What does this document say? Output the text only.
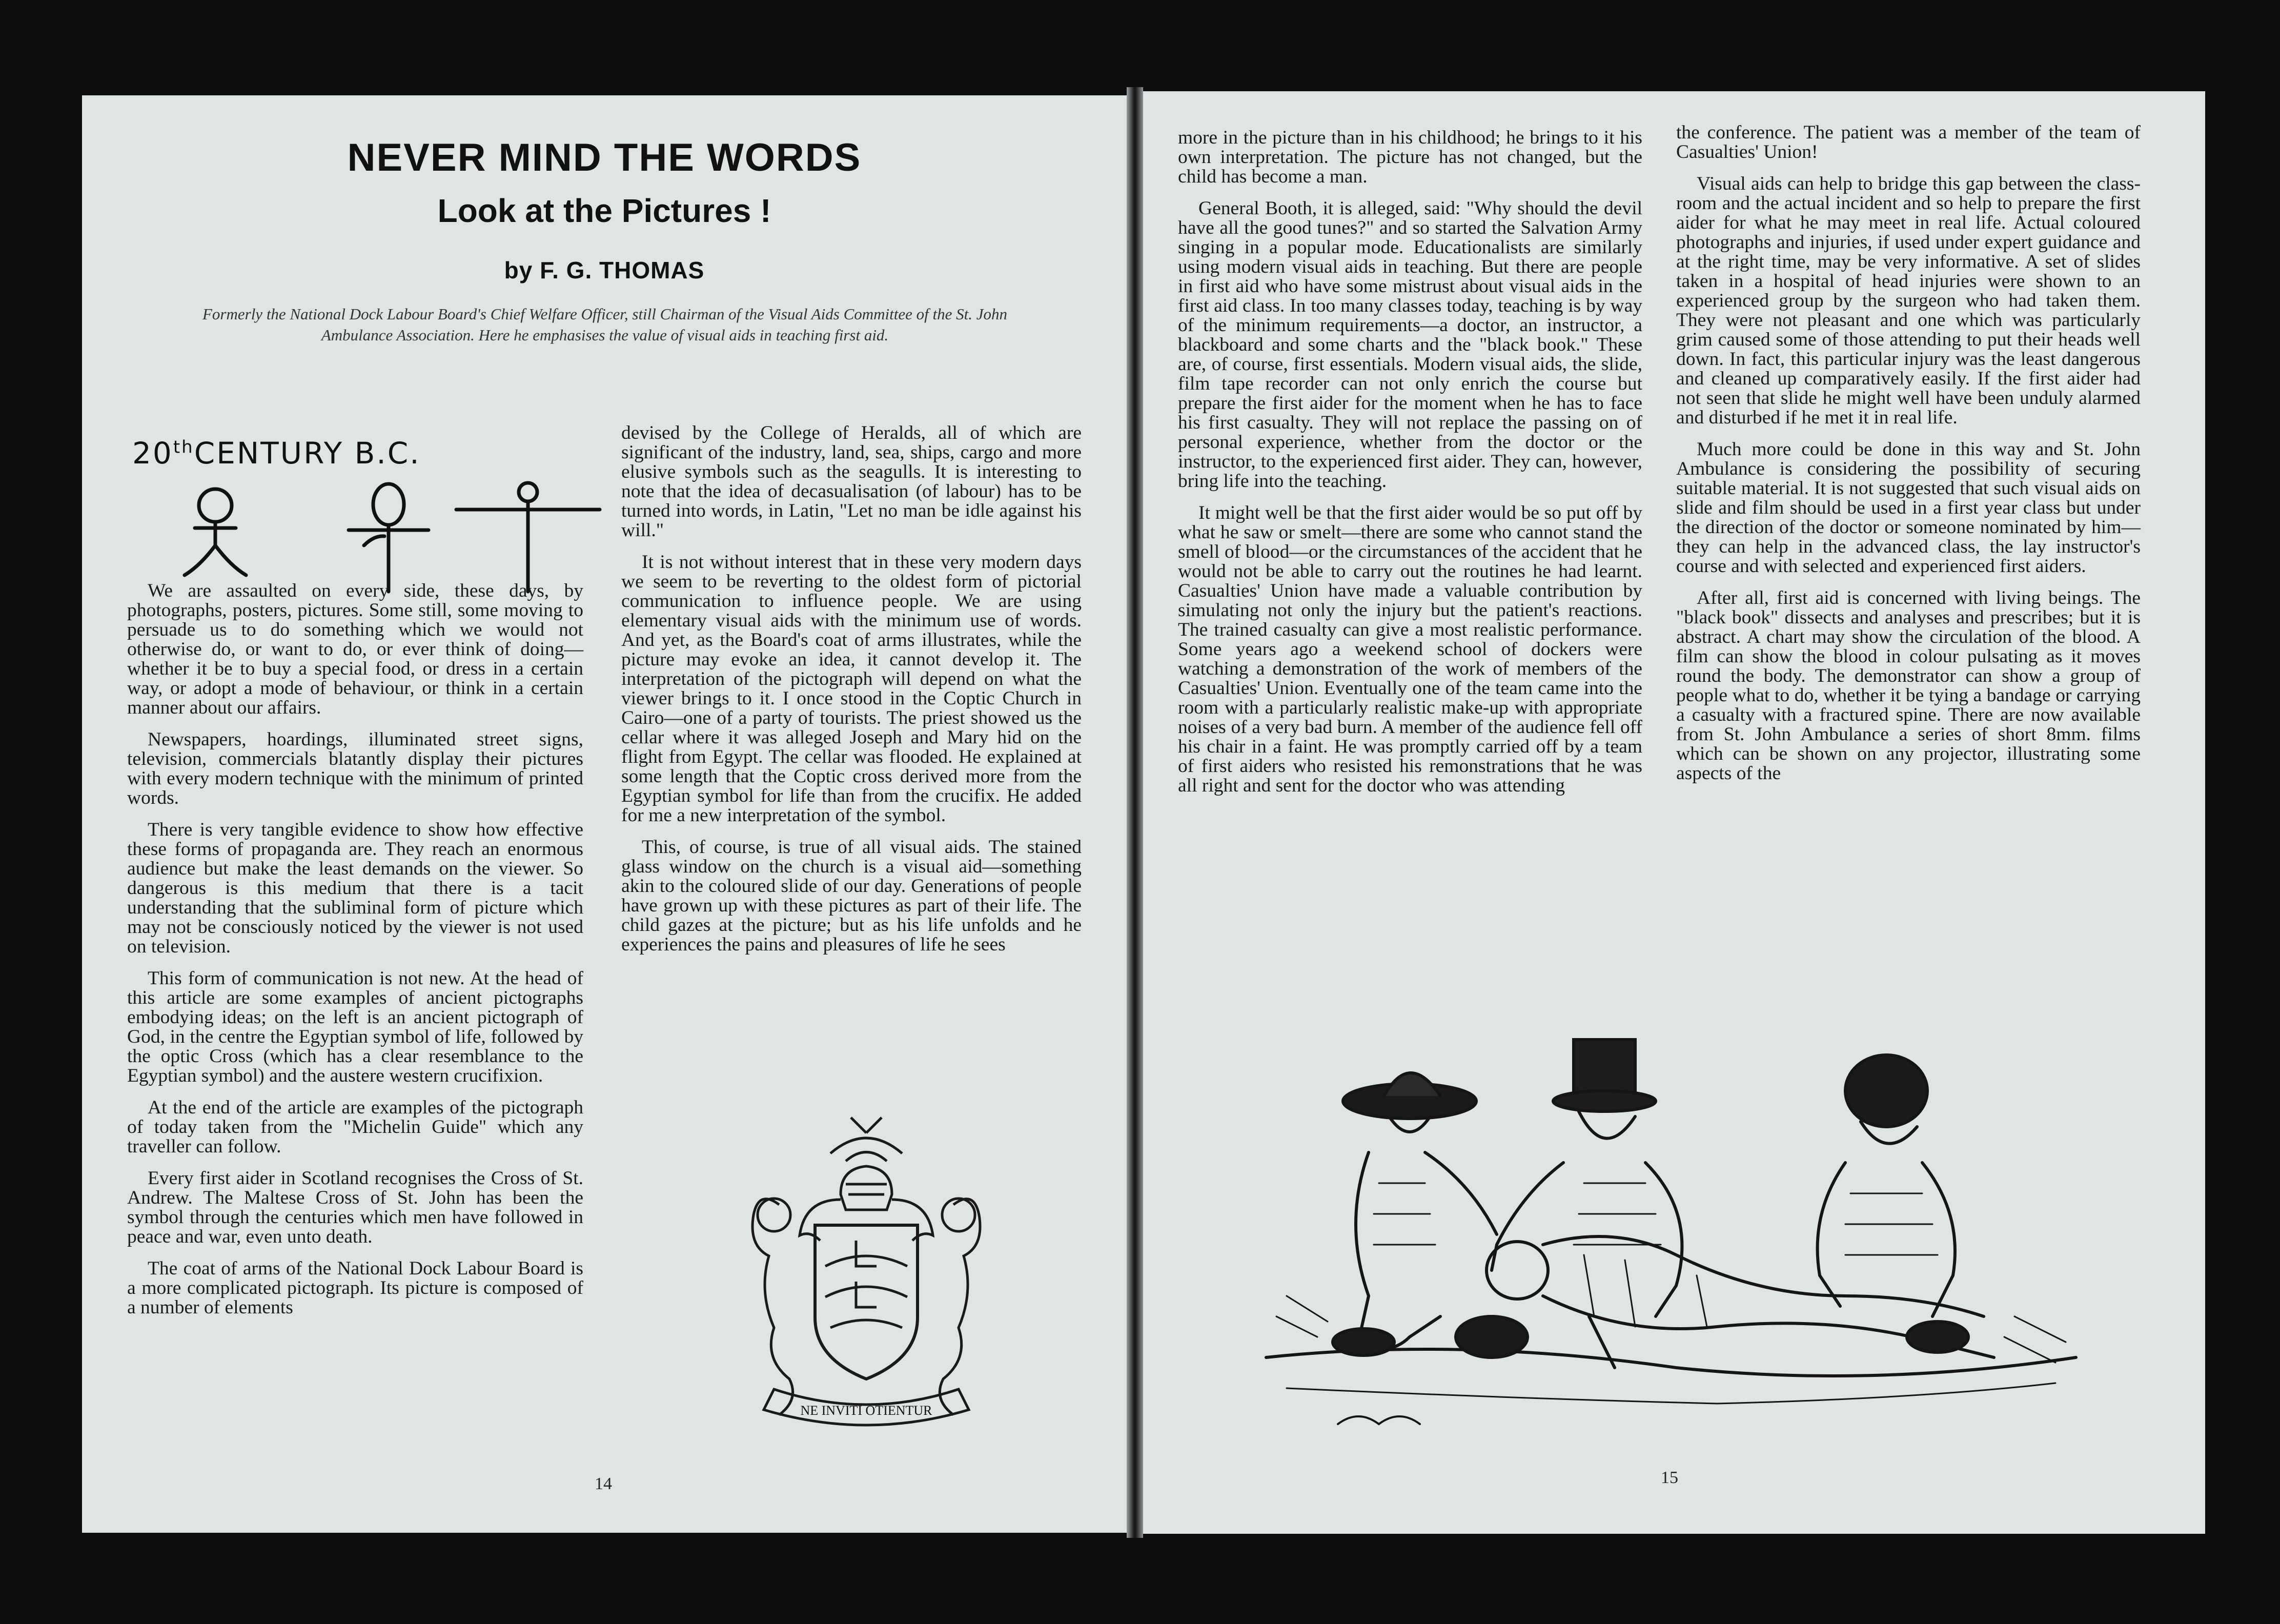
NEVER MIND THE WORDS
Look at the Pictures !
by F. G. THOMAS

Formerly the National Dock Labour Board's Chief Welfare Officer, still Chairman of the Visual Aids Committee of the St. John Ambulance Association. Here he emphasises the value of visual aids in teaching first aid.

20thCENTURY B.C.

We are assaulted on every side, these days, by photographs, posters, pictures. Some still, some moving to persuade us to do something which we would not otherwise do, or want to do, or ever think of doing—whether it be to buy a special food, or dress in a certain way, or adopt a mode of behaviour, or think in a certain manner about our affairs.

Newspapers, hoardings, illuminated street signs, television, commercials blatantly display their pictures with every modern technique with the minimum of printed words.

There is very tangible evidence to show how effective these forms of propaganda are. They reach an enormous audience but make the least demands on the viewer. So dangerous is this medium that there is a tacit understanding that the subliminal form of picture which may not be consciously noticed by the viewer is not used on television.

This form of communication is not new. At the head of this article are some examples of ancient pictographs embodying ideas; on the left is an ancient pictograph of God, in the centre the Egyptian symbol of life, followed by the optic Cross (which has a clear resemblance to the Egyptian symbol) and the austere western crucifixion.

At the end of the article are examples of the pictograph of today taken from the "Michelin Guide" which any traveller can follow.

Every first aider in Scotland recognises the Cross of St. Andrew. The Maltese Cross of St. John has been the symbol through the centuries which men have followed in peace and war, even unto death.

The coat of arms of the National Dock Labour Board is a more complicated pictograph. Its picture is composed of a number of elements

devised by the College of Heralds, all of which are significant of the industry, land, sea, ships, cargo and more elusive symbols such as the seagulls. It is interesting to note that the idea of decasualisation (of labour) has to be turned into words, in Latin, "Let no man be idle against his will."

It is not without interest that in these very modern days we seem to be reverting to the oldest form of pictorial communication to influence people. We are using elementary visual aids with the minimum use of words. And yet, as the Board's coat of arms illustrates, while the picture may evoke an idea, it cannot develop it. The interpretation of the pictograph will depend on what the viewer brings to it. I once stood in the Coptic Church in Cairo—one of a party of tourists. The priest showed us the cellar where it was alleged Joseph and Mary hid on the flight from Egypt. The cellar was flooded. He explained at some length that the Coptic cross derived more from the Egyptian symbol for life than from the crucifix. He added for me a new interpretation of the symbol.

This, of course, is true of all visual aids. The stained glass window on the church is a visual aid—something akin to the coloured slide of our day. Generations of people have grown up with these pictures as part of their life. The child gazes at the picture; but as his life unfolds and he experiences the pains and pleasures of life he sees

NE INVITI OTIENTUR
14

more in the picture than in his childhood; he brings to it his own interpretation. The picture has not changed, but the child has become a man.

General Booth, it is alleged, said: "Why should the devil have all the good tunes?" and so started the Salvation Army singing in a popular mode. Educationalists are similarly using modern visual aids in teaching. But there are people in first aid who have some mistrust about visual aids in the first aid class. In too many classes today, teaching is by way of the minimum requirements—a doctor, an instructor, a blackboard and some charts and the "black book." These are, of course, first essentials. Modern visual aids, the slide, film tape recorder can not only enrich the course but prepare the first aider for the moment when he has to face his first casualty. They will not replace the passing on of personal experience, whether from the doctor or the instructor, to the experienced first aider. They can, however, bring life into the teaching.

It might well be that the first aider would be so put off by what he saw or smelt—there are some who cannot stand the smell of blood—or the circumstances of the accident that he would not be able to carry out the routines he had learnt. Casualties' Union have made a valuable contribution by simulating not only the injury but the patient's reactions. The trained casualty can give a most realistic performance. Some years ago a weekend school of dockers were watching a demonstration of the work of members of the Casualties' Union. Eventually one of the team came into the room with a particularly realistic make-up with appropriate noises of a very bad burn. A member of the audience fell off his chair in a faint. He was promptly carried off by a team of first aiders who resisted his remonstrations that he was all right and sent for the doctor who was attending

the conference. The patient was a member of the team of Casualties' Union!

Visual aids can help to bridge this gap between the class-room and the actual incident and so help to prepare the first aider for what he may meet in real life. Actual coloured photographs and injuries, if used under expert guidance and at the right time, may be very informative. A set of slides taken in a hospital of head injuries were shown to an experienced group by the surgeon who had taken them. They were not pleasant and one which was particularly grim caused some of those attending to put their heads well down. In fact, this particular injury was the least dangerous and cleaned up comparatively easily. If the first aider had not seen that slide he might well have been unduly alarmed and disturbed if he met it in real life.

Much more could be done in this way and St. John Ambulance is considering the possibility of securing suitable material. It is not suggested that such visual aids on slide and film should be used in a first year class but under the direction of the doctor or someone nominated by him—they can help in the advanced class, the lay instructor's course and with selected and experienced first aiders.

After all, first aid is concerned with living beings. The "black book" dissects and analyses and prescribes; but it is abstract. A chart may show the circulation of the blood. A film can show the blood in colour pulsating as it moves round the body. The demonstrator can show a group of people what to do, whether it be tying a bandage or carrying a casualty with a fractured spine. There are now available from St. John Ambulance a series of short 8mm. films which can be shown on any projector, illustrating some aspects of the

15
